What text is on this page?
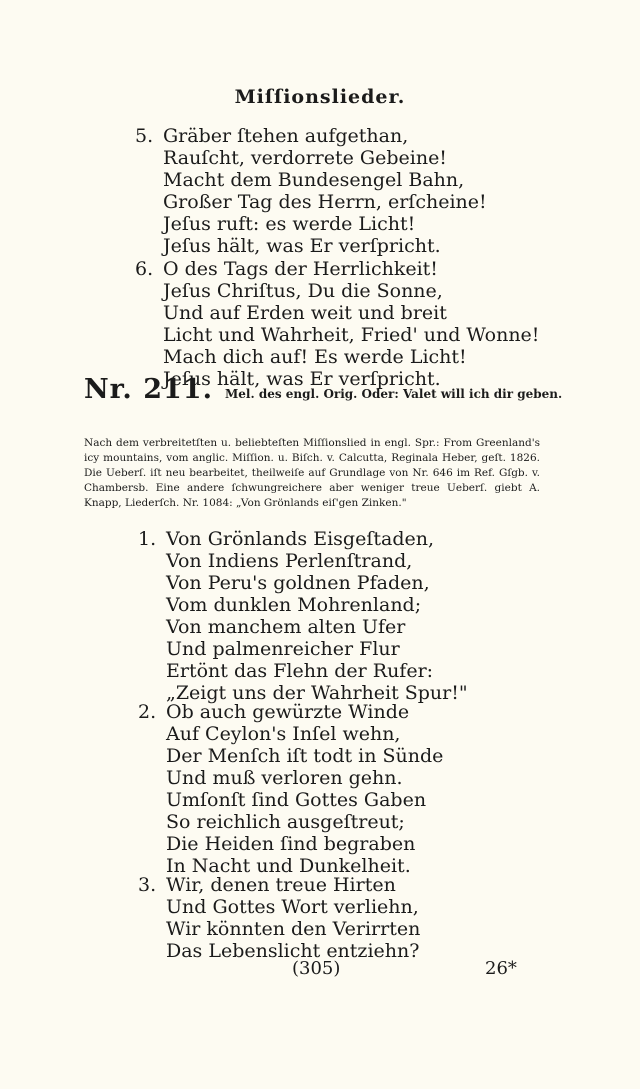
Miſſionslieder.
5. Gräber ſtehen aufgethan,
Rauſcht, verdorrete Gebeine!
Macht dem Bundesengel Bahn,
Großer Tag des Herrn, erſcheine!
Jeſus ruft: es werde Licht!
Jeſus hält, was Er verſpricht.
6. O des Tags der Herrlichkeit!
Jeſus Chriſtus, Du die Sonne,
Und auf Erden weit und breit
Licht und Wahrheit, Fried' und Wonne!
Mach dich auf! Es werde Licht!
Jeſus hält, was Er verſpricht.
Nr. 211. Mel. des engl. Orig. Oder: Valet will ich dir geben.
Nach dem verbreitetſten u. beliebteſten Miſſionslied in engl. Spr.: From Greenland's icy mountains, vom anglic. Miſſion. u. Biſch. v. Calcutta, Reginala Heber, geſt. 1826. Die Ueberſ. iſt neu bearbeitet, theilweiſe auf Grundlage von Nr. 646 im Ref. Gſgb. v. Chambersb. Eine andere ſchwungreichere aber weniger treue Ueberſ. giebt A. Knapp, Liederſch. Nr. 1084: „Von Grönlands eiſ'gen Zinken."
1. Von Grönlands Eisgeſtaden,
Von Indiens Perlenſtrand,
Von Peru's goldnen Pfaden,
Vom dunklen Mohrenland;
Von manchem alten Ufer
Und palmenreicher Flur
Ertönt das Flehn der Rufer:
„Zeigt uns der Wahrheit Spur!"
2. Ob auch gewürzte Winde
Auf Ceylon's Inſel wehn,
Der Menſch iſt todt in Sünde
Und muß verloren gehn.
Umſonſt ſind Gottes Gaben
So reichlich ausgeſtreut;
Die Heiden ſind begraben
In Nacht und Dunkelheit.
3. Wir, denen treue Hirten
Und Gottes Wort verliehn,
Wir könnten den Verirrten
Das Lebenslicht entziehn?
(305)	26*
